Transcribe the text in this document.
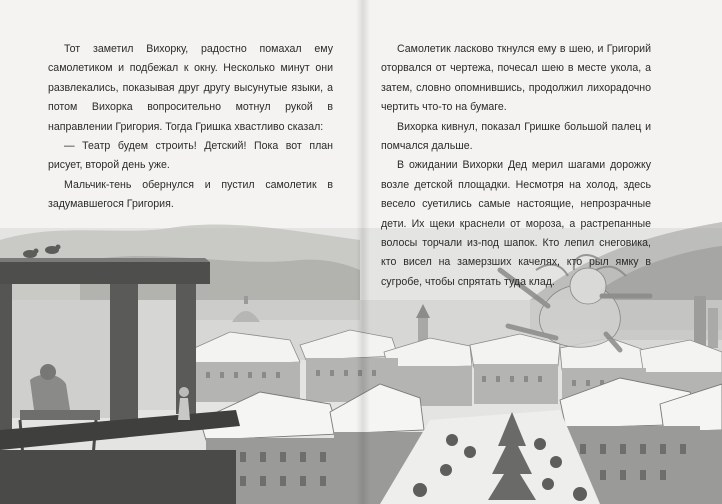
Тот заметил Вихорку, радостно помахал ему самолетиком и подбежал к окну. Несколько минут они развлекались, показывая друг другу высунутые языки, а потом Вихорка вопросительно мотнул рукой в направлении Григория. Тогда Гришка хвастливо сказал:

— Театр будем строить! Детский! Пока вот план рисует, второй день уже.

Мальчик-тень обернулся и пустил самолетик в задумавшегося Григория.

Самолетик ласково ткнулся ему в шею, и Григорий оторвался от чертежа, почесал шею в месте укола, а затем, словно опомнившись, продолжил лихорадочно чертить что-то на бумаге.

Вихорка кивнул, показал Гришке большой палец и помчался дальше.

В ожидании Вихорки Дед мерил шагами дорожку возле детской площадки. Несмотря на холод, здесь весело суетились самые настоящие, непрозрачные дети. Их щеки краснели от мороза, а растрепанные волосы торчали из-под шапок. Кто лепил снеговика, кто висел на замерзших качелях, кто рыл ямку в сугробе, чтобы спрятать туда клад.
